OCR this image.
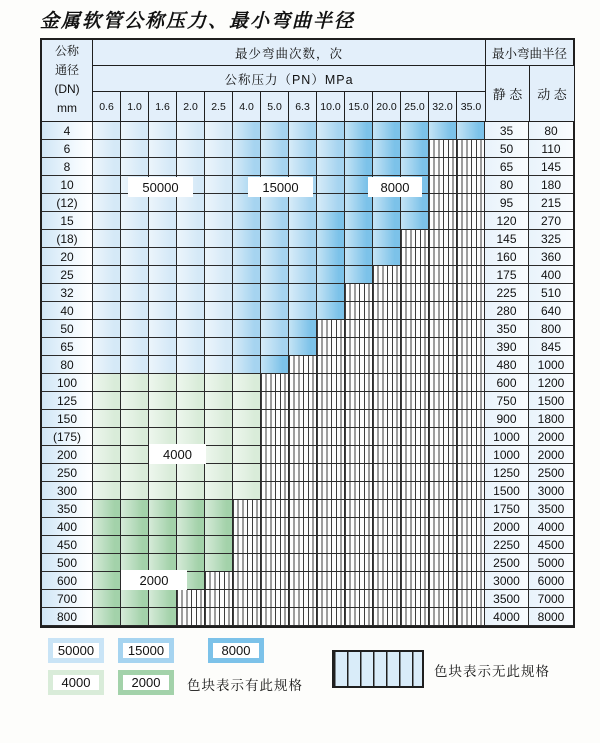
金属软管公称压力、最小弯曲半径
公称
通径
(DN)
mm
最少弯曲次数，次
公称压力（PN）MPa
0.6	1.0	1.6	2.0	2.5	4.0	5.0	6.3 10.0 15.0 20.0 25.0 32.0 35.0
最小弯曲半径
静 态	动 态
4	35	80
6	50	110
8	65	145
10	80	180
(12)	95	215
15	120	270
(18)	145	325
20	160	360
25	175	400
32	225	510
40	280	640
50	350	800
65	390	845
80	480	1000
100	600	1200
125	750	1500
150	900	1800
(175)	1000	2000
200	1000	2000
250	1250	2500
300	1500	3000
350	1750	3500
400	2000	4000
450	2250	4500
500	2500	5000
600	3000	6000
700	3500	7000
800	4000	8000
50000	15000	8000
4000
2000
50000	15000	8000
4000	2000	色块表示有此规格
色块表示无此规格
